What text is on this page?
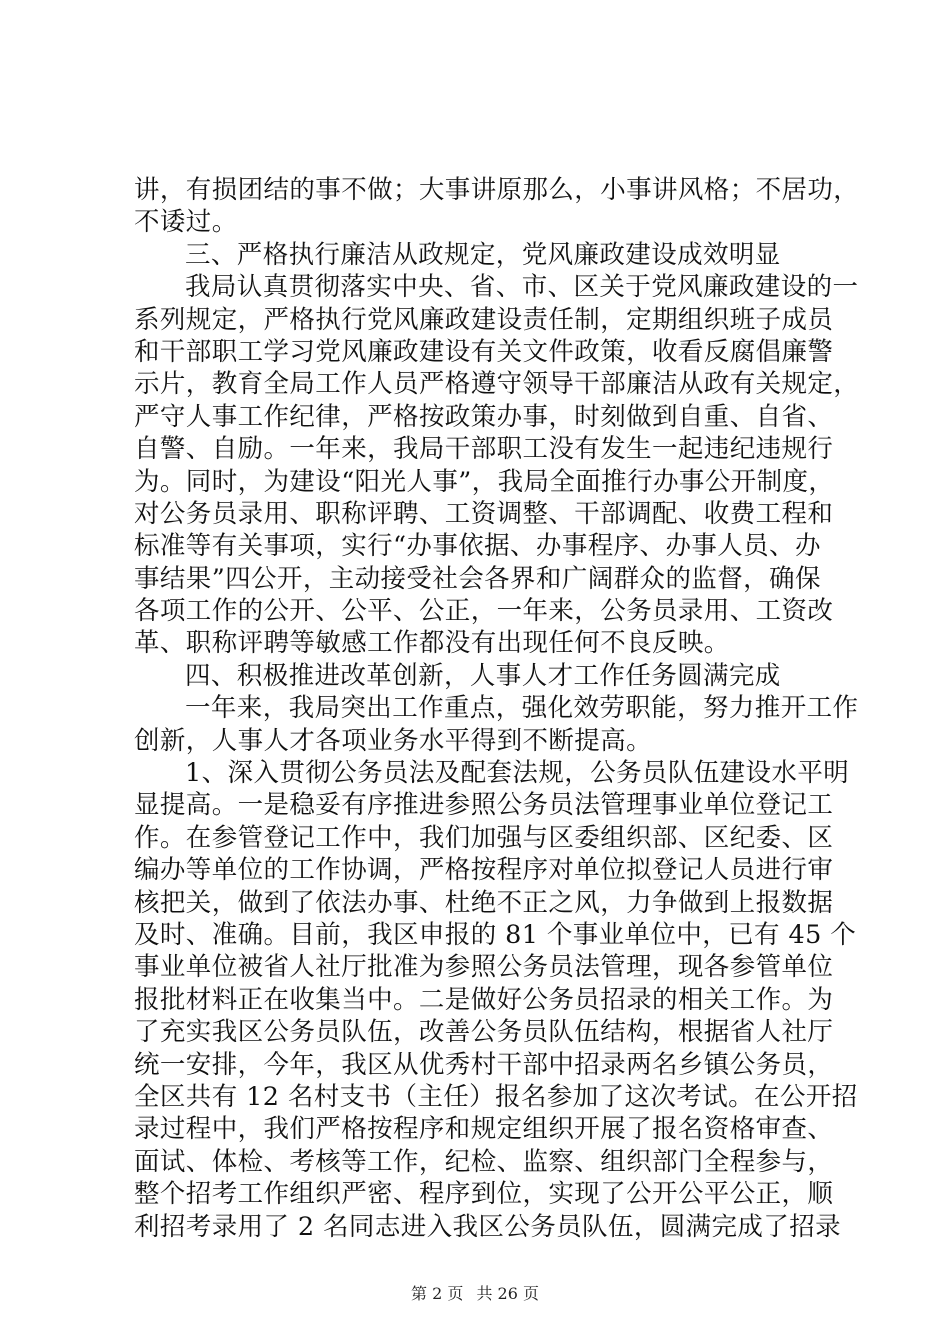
讲，有损团结的事不做；大事讲原那么，小事讲风格；不居功，
不诿过。
三、严格执行廉洁从政规定，党风廉政建设成效明显
我局认真贯彻落实中央、省、市、区关于党风廉政建设的一
系列规定，严格执行党风廉政建设责任制，定期组织班子成员
和干部职工学习党风廉政建设有关文件政策，收看反腐倡廉警
示片，教育全局工作人员严格遵守领导干部廉洁从政有关规定，
严守人事工作纪律，严格按政策办事，时刻做到自重、自省、
自警、自励。一年来，我局干部职工没有发生一起违纪违规行
为。同时，为建设“阳光人事”，我局全面推行办事公开制度，
对公务员录用、职称评聘、工资调整、干部调配、收费工程和
标准等有关事项，实行“办事依据、办事程序、办事人员、办
事结果”四公开，主动接受社会各界和广阔群众的监督，确保
各项工作的公开、公平、公正，一年来，公务员录用、工资改
革、职称评聘等敏感工作都没有出现任何不良反映。
四、积极推进改革创新，人事人才工作任务圆满完成
一年来，我局突出工作重点，强化效劳职能，努力推开工作
创新，人事人才各项业务水平得到不断提高。
1、深入贯彻公务员法及配套法规，公务员队伍建设水平明
显提高。一是稳妥有序推进参照公务员法管理事业单位登记工
作。在参管登记工作中，我们加强与区委组织部、区纪委、区
编办等单位的工作协调，严格按程序对单位拟登记人员进行审
核把关，做到了依法办事、杜绝不正之风，力争做到上报数据
及时、准确。目前，我区申报的 81 个事业单位中，已有 45 个
事业单位被省人社厅批准为参照公务员法管理，现各参管单位
报批材料正在收集当中。二是做好公务员招录的相关工作。为
了充实我区公务员队伍，改善公务员队伍结构，根据省人社厅
统一安排，今年，我区从优秀村干部中招录两名乡镇公务员，
全区共有 12 名村支书（主任）报名参加了这次考试。在公开招
录过程中，我们严格按程序和规定组织开展了报名资格审查、
面试、体检、考核等工作，纪检、监察、组织部门全程参与，
整个招考工作组织严密、程序到位，实现了公开公平公正，顺
利招考录用了 2 名同志进入我区公务员队伍，圆满完成了招录
第 2 页 共 26 页
